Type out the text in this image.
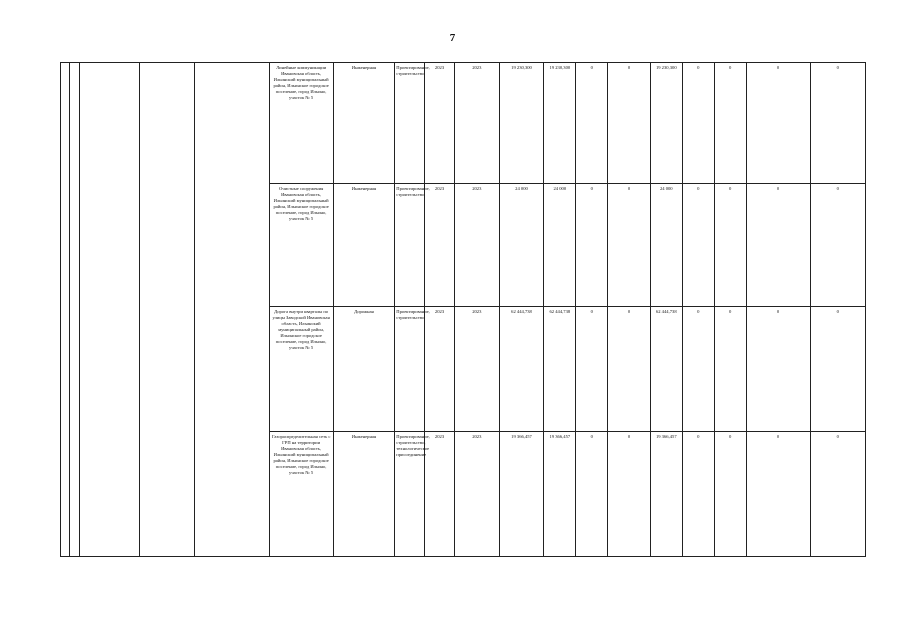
7
					Линейные коммуникации Ивановская область, Ильинский муниципальный район, Ильинское городское поселение, город Ильино, участок № 5	Инженерная	Проектирование, строительство	2023	2023	19 230,300	19 230,300	0	0	19 230,300	0	0	0	0
					Очистные сооружения Ивановская область, Ильинский муниципальный район, Ильинское городское поселение, город Ильино, участок № 5	Инженерная	Проектирование, строительство	2023	2023	24 000	24 000	0	0	24 000	0	0	0	0
					Дорога внутри кварталы по улицы Заводской Ивановская область, Ильинский муниципальный район, Ильинское городское поселение, город Ильино, участок № 5	Дорожная	Проектирование, строительство	2023	2023	62 444,738	62 444,738	0	0	62 444,738	0	0	0	0
					Газораспределительная сеть с ГРП на территории Ивановская область, Ильинский муниципальный район, Ильинское городское поселение, город Ильино, участок № 5	Инженерная	Проектирование, строительство, технологическое присоединение	2023	2023	19 366,457	19 366,457	0	0	19 366,457	0	0	0	0
